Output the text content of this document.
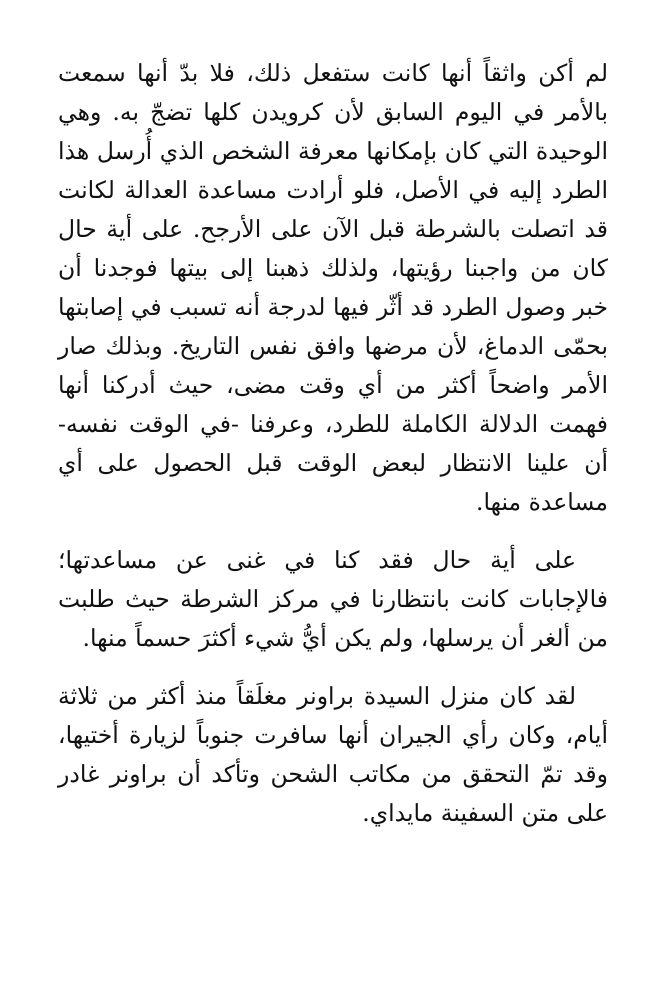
لم أكن واثقاً أنها كانت ستفعل ذلك، فلا بدّ أنها سمعت بالأمر في اليوم السابق لأن كرويدن كلها تضجّ به. وهي الوحيدة التي كان بإمكانها معرفة الشخص الذي أُرسل هذا الطرد إليه في الأصل، فلو أرادت مساعدة العدالة لكانت قد اتصلت بالشرطة قبل الآن على الأرجح. على أية حال كان من واجبنا رؤيتها، ولذلك ذهبنا إلى بيتها فوجدنا أن خبر وصول الطرد قد أثّر فيها لدرجة أنه تسبب في إصابتها بحمّى الدماغ، لأن مرضها وافق نفس التاريخ. وبذلك صار الأمر واضحاً أكثر من أي وقت مضى، حيث أدركنا أنها فهمت الدلالة الكاملة للطرد، وعرفنا -في الوقت نفسه- أن علينا الانتظار لبعض الوقت قبل الحصول على أي مساعدة منها.

على أية حال فقد كنا في غنى عن مساعدتها؛ فالإجابات كانت بانتظارنا في مركز الشرطة حيث طلبت من ألغر أن يرسلها، ولم يكن أيُّ شيء أكثرَ حسماً منها.

لقد كان منزل السيدة براونر مغلَقاً منذ أكثر من ثلاثة أيام، وكان رأي الجيران أنها سافرت جنوباً لزيارة أختيها، وقد تمّ التحقق من مكاتب الشحن وتأكد أن براونر غادر على متن السفينة مايداي.
